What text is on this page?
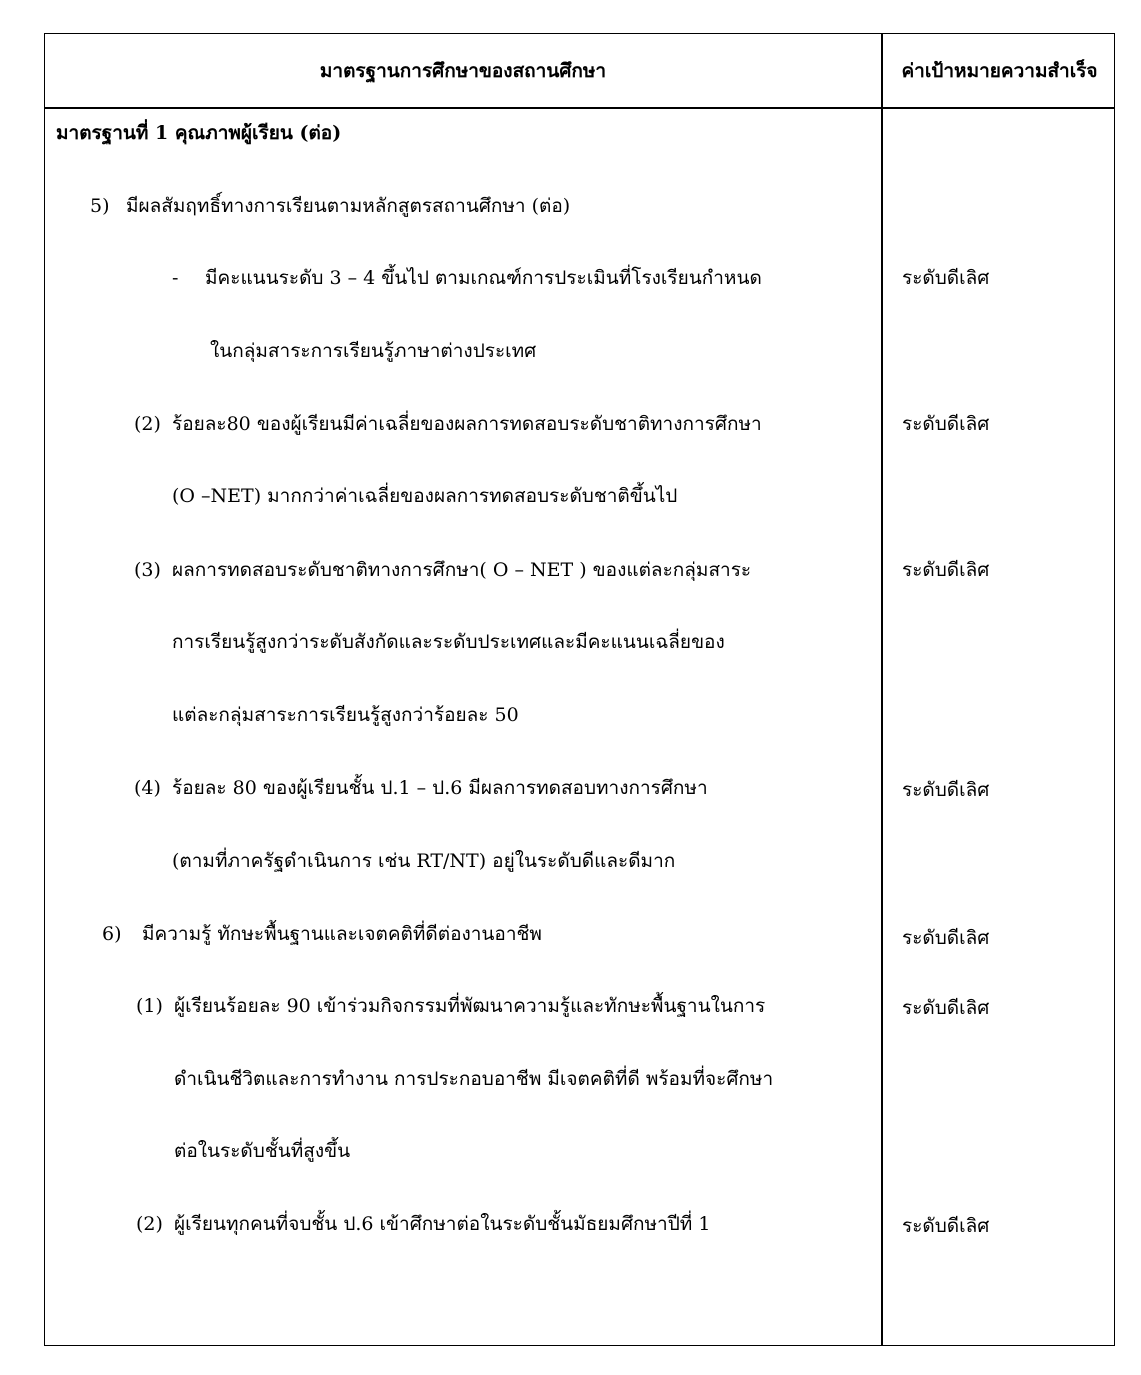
มาตรฐานการศึกษาของสถานศึกษา	ค่าเป้าหมายความสำเร็จ
มาตรฐานที่ 1 คุณภาพผู้เรียน (ต่อ)
5) มีผลสัมฤทธิ์ทางการเรียนตามหลักสูตรสถานศึกษา (ต่อ)
- มีคะแนนระดับ 3 – 4 ขึ้นไป ตามเกณฑ์การประเมินที่โรงเรียนกำหนด	ระดับดีเลิศ
ในกลุ่มสาระการเรียนรู้ภาษาต่างประเทศ
(2) ร้อยละ80 ของผู้เรียนมีค่าเฉลี่ยของผลการทดสอบระดับชาติทางการศึกษา	ระดับดีเลิศ
(O –NET) มากกว่าค่าเฉลี่ยของผลการทดสอบระดับชาติขึ้นไป
(3) ผลการทดสอบระดับชาติทางการศึกษา( O – NET ) ของแต่ละกลุ่มสาระ	ระดับดีเลิศ
การเรียนรู้สูงกว่าระดับสังกัดและระดับประเทศและมีคะแนนเฉลี่ยของ
แต่ละกลุ่มสาระการเรียนรู้สูงกว่าร้อยละ 50
(4) ร้อยละ 80 ของผู้เรียนชั้น ป.1 – ป.6 มีผลการทดสอบทางการศึกษา	ระดับดีเลิศ
(ตามที่ภาครัฐดำเนินการ เช่น RT/NT) อยู่ในระดับดีและดีมาก
6) มีความรู้ ทักษะพื้นฐานและเจตคติที่ดีต่องานอาชีพ	ระดับดีเลิศ
(1) ผู้เรียนร้อยละ 90 เข้าร่วมกิจกรรมที่พัฒนาความรู้และทักษะพื้นฐานในการ	ระดับดีเลิศ
ดำเนินชีวิตและการทำงาน การประกอบอาชีพ มีเจตคติที่ดี พร้อมที่จะศึกษา
ต่อในระดับชั้นที่สูงขึ้น
(2) ผู้เรียนทุกคนที่จบชั้น ป.6 เข้าศึกษาต่อในระดับชั้นมัธยมศึกษาปีที่ 1	ระดับดีเลิศ
